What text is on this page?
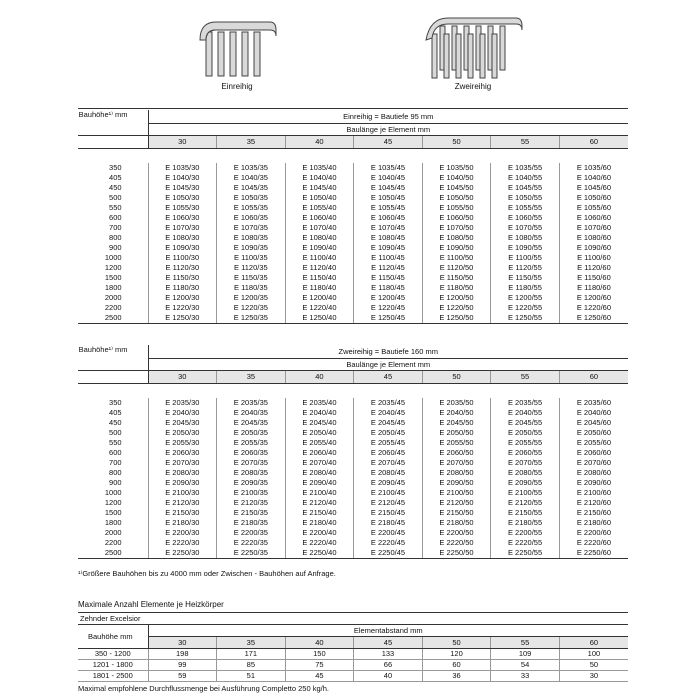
Einreihig	Zweireihig
Bauhöhe¹⁾ mm	Einreihig = Bautiefe 95 mm						
	Baulänge je Element mm						
	30	35	40	45	50	55	60

350	E 1035/30	E 1035/35	E 1035/40	E 1035/45	E 1035/50	E 1035/55	E 1035/60
405	E 1040/30	E 1040/35	E 1040/40	E 1040/45	E 1040/50	E 1040/55	E 1040/60
450	E 1045/30	E 1045/35	E 1045/40	E 1045/45	E 1045/50	E 1045/55	E 1045/60
500	E 1050/30	E 1050/35	E 1050/40	E 1050/45	E 1050/50	E 1050/55	E 1050/60
550	E 1055/30	E 1055/35	E 1055/40	E 1055/45	E 1055/50	E 1055/55	E 1055/60
600	E 1060/30	E 1060/35	E 1060/40	E 1060/45	E 1060/50	E 1060/55	E 1060/60
700	E 1070/30	E 1070/35	E 1070/40	E 1070/45	E 1070/50	E 1070/55	E 1070/60
800	E 1080/30	E 1080/35	E 1080/40	E 1080/45	E 1080/50	E 1080/55	E 1080/60
900	E 1090/30	E 1090/35	E 1090/40	E 1090/45	E 1090/50	E 1090/55	E 1090/60
1000	E 1100/30	E 1100/35	E 1100/40	E 1100/45	E 1100/50	E 1100/55	E 1100/60
1200	E 1120/30	E 1120/35	E 1120/40	E 1120/45	E 1120/50	E 1120/55	E 1120/60
1500	E 1150/30	E 1150/35	E 1150/40	E 1150/45	E 1150/50	E 1150/55	E 1150/60
1800	E 1180/30	E 1180/35	E 1180/40	E 1180/45	E 1180/50	E 1180/55	E 1180/60
2000	E 1200/30	E 1200/35	E 1200/40	E 1200/45	E 1200/50	E 1200/55	E 1200/60
2200	E 1220/30	E 1220/35	E 1220/40	E 1220/45	E 1220/50	E 1220/55	E 1220/60
2500	E 1250/30	E 1250/35	E 1250/40	E 1250/45	E 1250/50	E 1250/55	E 1250/60
Bauhöhe¹⁾ mm	Zweireihig = Bautiefe 160 mm						
	Baulänge je Element mm						
	30	35	40	45	50	55	60

350	E 2035/30	E 2035/35	E 2035/40	E 2035/45	E 2035/50	E 2035/55	E 2035/60
405	E 2040/30	E 2040/35	E 2040/40	E 2040/45	E 2040/50	E 2040/55	E 2040/60
450	E 2045/30	E 2045/35	E 2045/40	E 2045/45	E 2045/50	E 2045/55	E 2045/60
500	E 2050/30	E 2050/35	E 2050/40	E 2050/45	E 2050/50	E 2050/55	E 2050/60
550	E 2055/30	E 2055/35	E 2055/40	E 2055/45	E 2055/50	E 2055/55	E 2055/60
600	E 2060/30	E 2060/35	E 2060/40	E 2060/45	E 2060/50	E 2060/55	E 2060/60
700	E 2070/30	E 2070/35	E 2070/40	E 2070/45	E 2070/50	E 2070/55	E 2070/60
800	E 2080/30	E 2080/35	E 2080/40	E 2080/45	E 2080/50	E 2080/55	E 2080/60
900	E 2090/30	E 2090/35	E 2090/40	E 2090/45	E 2090/50	E 2090/55	E 2090/60
1000	E 2100/30	E 2100/35	E 2100/40	E 2100/45	E 2100/50	E 2100/55	E 2100/60
1200	E 2120/30	E 2120/35	E 2120/40	E 2120/45	E 2120/50	E 2120/55	E 2120/60
1500	E 2150/30	E 2150/35	E 2150/40	E 2150/45	E 2150/50	E 2150/55	E 2150/60
1800	E 2180/30	E 2180/35	E 2180/40	E 2180/45	E 2180/50	E 2180/55	E 2180/60
2000	E 2200/30	E 2200/35	E 2200/40	E 2200/45	E 2200/50	E 2200/55	E 2200/60
2200	E 2220/30	E 2220/35	E 2220/40	E 2220/45	E 2220/50	E 2220/55	E 2220/60
2500	E 2250/30	E 2250/35	E 2250/40	E 2250/45	E 2250/50	E 2250/55	E 2250/60
¹⁾Größere Bauhöhen bis zu 4000 mm oder Zwischen - Bauhöhen auf Anfrage.
Maximale Anzahl Elemente je Heizkörper
Zehnder Excelsior							
Bauhöhe mm	Elementabstand mm						
	30	35	40	45	50	55	60
350 - 1200	198	171	150	133	120	109	100
1201 - 1800	99	85	75	66	60	54	50
1801 - 2500	59	51	45	40	36	33	30
Maximal empfohlene Durchflussmenge bei Ausführung Completto 250 kg/h.
